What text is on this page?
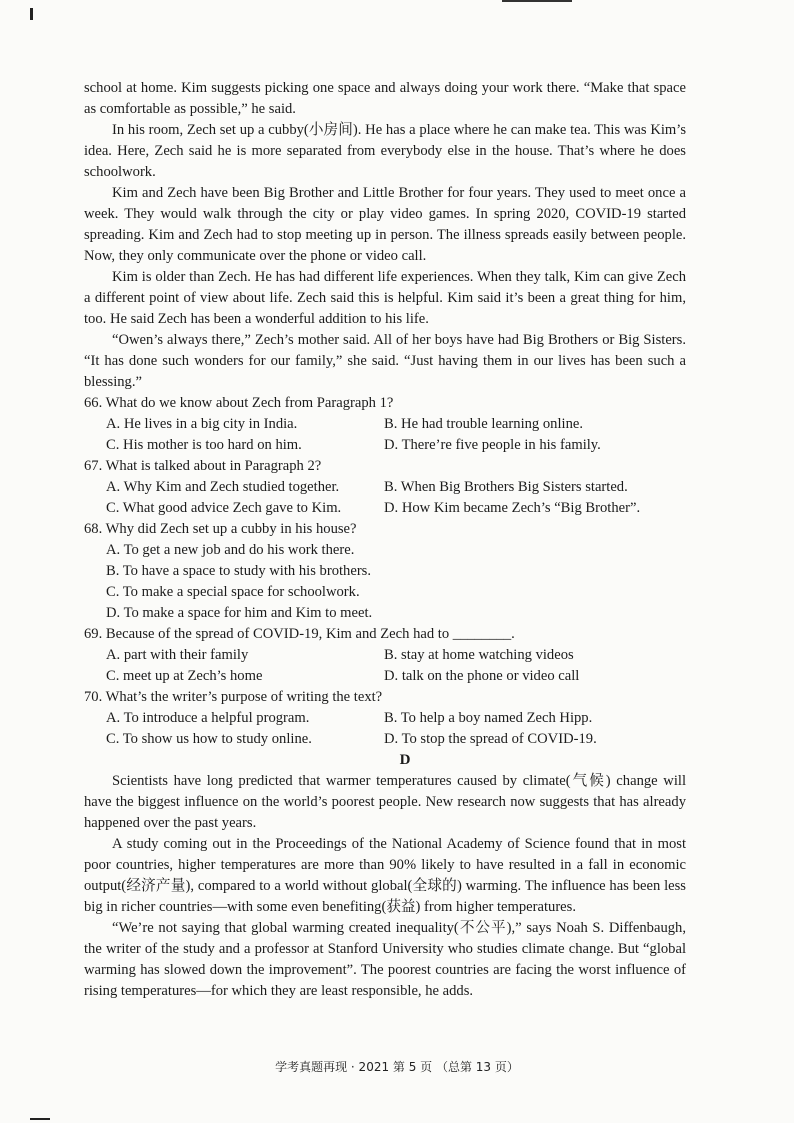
school at home. Kim suggests picking one space and always doing your work there. “Make that space as comfortable as possible,” he said.

In his room, Zech set up a cubby(小房间). He has a place where he can make tea. This was Kim’s idea. Here, Zech said he is more separated from everybody else in the house. That’s where he does schoolwork.

Kim and Zech have been Big Brother and Little Brother for four years. They used to meet once a week. They would walk through the city or play video games. In spring 2020, COVID-19 started spreading. Kim and Zech had to stop meeting up in person. The illness spreads easily between people. Now, they only communicate over the phone or video call.

Kim is older than Zech. He has had different life experiences. When they talk, Kim can give Zech a different point of view about life. Zech said this is helpful. Kim said it’s been a great thing for him, too. He said Zech has been a wonderful addition to his life.

“Owen’s always there,” Zech’s mother said. All of her boys have had Big Brothers or Big Sisters. “It has done such wonders for our family,” she said. “Just having them in our lives has been such a blessing.”

66. What do we know about Zech from Paragraph 1?
A. He lives in a big city in India.	B. He had trouble learning online.
C. His mother is too hard on him.	D. There’re five people in his family.
67. What is talked about in Paragraph 2?
A. Why Kim and Zech studied together.	B. When Big Brothers Big Sisters started.
C. What good advice Zech gave to Kim.	D. How Kim became Zech’s “Big Brother”.
68. Why did Zech set up a cubby in his house?
A. To get a new job and do his work there.
B. To have a space to study with his brothers.
C. To make a special space for schoolwork.
D. To make a space for him and Kim to meet.
69. Because of the spread of COVID-19, Kim and Zech had to ________.
A. part with their family	B. stay at home watching videos
C. meet up at Zech’s home	D. talk on the phone or video call
70. What’s the writer’s purpose of writing the text?
A. To introduce a helpful program.	B. To help a boy named Zech Hipp.
C. To show us how to study online.	D. To stop the spread of COVID-19.
D

Scientists have long predicted that warmer temperatures caused by climate(气候) change will have the biggest influence on the world’s poorest people. New research now suggests that has already happened over the past years.

A study coming out in the Proceedings of the National Academy of Science found that in most poor countries, higher temperatures are more than 90% likely to have resulted in a fall in economic output(经济产量), compared to a world without global(全球的) warming. The influence has been less big in richer countries—with some even benefiting(获益) from higher temperatures.

“We’re not saying that global warming created inequality(不公平),” says Noah S. Diffenbaugh, the writer of the study and a professor at Stanford University who studies climate change. But “global warming has slowed down the improvement”. The poorest countries are facing the worst influence of rising temperatures—for which they are least responsible, he adds.

学考真题再现 · 2021 第 5 页 （总第 13 页）
